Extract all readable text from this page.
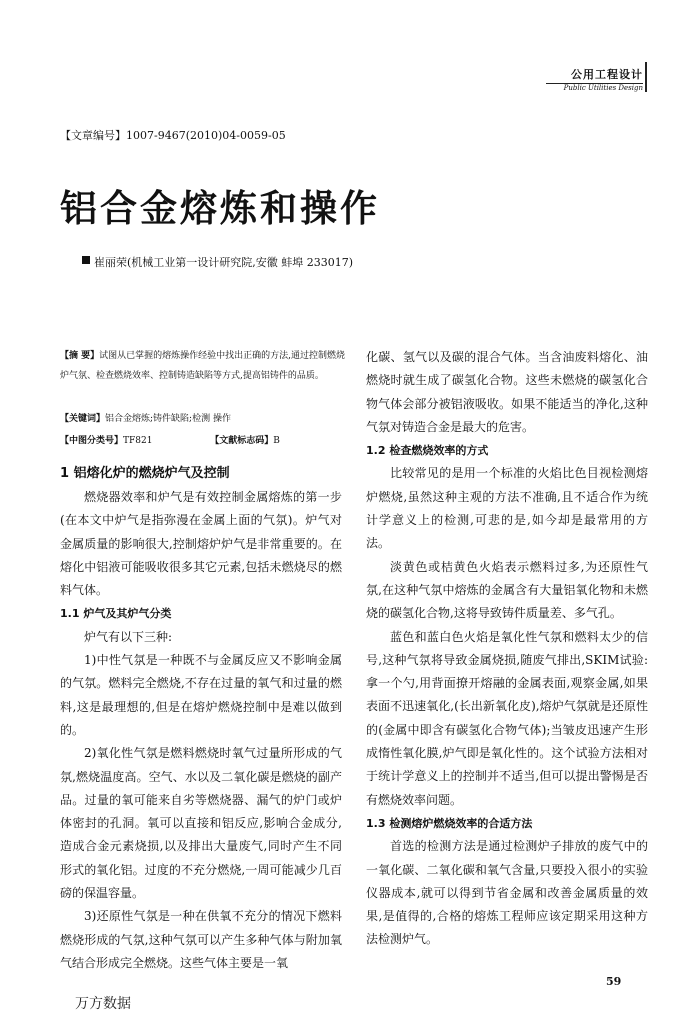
公用工程设计
Public Utilities Design
【文章编号】1007-9467(2010)04-0059-05
铝合金熔炼和操作
崔丽荣(机械工业第一设计研究院,安徽 蚌埠 233017)
【摘 要】试图从已掌握的熔炼操作经验中找出正确的方法,通过控制燃烧炉气氛、检查燃烧效率、控制铸造缺陷等方式,提高铝铸件的品质。
【关键词】铝合金熔炼;铸件缺陷;检测 操作
【中图分类号】TF821	【文献标志码】B
1 铝熔化炉的燃烧炉气及控制

燃烧器效率和炉气是有效控制金属熔炼的第一步(在本文中炉气是指弥漫在金属上面的气氛)。炉气对金属质量的影响很大,控制熔炉炉气是非常重要的。在熔化中铝液可能吸收很多其它元素,包括未燃烧尽的燃料气体。

1.1 炉气及其炉气分类

炉气有以下三种:

1)中性气氛是一种既不与金属反应又不影响金属的气氛。燃料完全燃烧,不存在过量的氧气和过量的燃料,这是最理想的,但是在熔炉燃烧控制中是难以做到的。

2)氧化性气氛是燃料燃烧时氧气过量所形成的气氛,燃烧温度高。空气、水以及二氧化碳是燃烧的副产品。过量的氧可能来自劣等燃烧器、漏气的炉门或炉体密封的孔洞。氧可以直接和铝反应,影响合金成分,造成合金元素烧损,以及排出大量废气,同时产生不同形式的氧化铝。过度的不充分燃烧,一周可能减少几百磅的保温容量。

3)还原性气氛是一种在供氧不充分的情况下燃料燃烧形成的气氛,这种气氛可以产生多种气体与附加氧气结合形成完全燃烧。这些气体主要是一氧

化碳、氢气以及碳的混合气体。当含油废料熔化、油燃烧时就生成了碳氢化合物。这些未燃烧的碳氢化合物气体会部分被铝液吸收。如果不能适当的净化,这种气氛对铸造合金是最大的危害。

1.2 检查燃烧效率的方式

比较常见的是用一个标准的火焰比色目视检测熔炉燃烧,虽然这种主观的方法不准确,且不适合作为统计学意义上的检测,可悲的是,如今却是最常用的方法。

淡黄色或桔黄色火焰表示燃料过多,为还原性气氛,在这种气氛中熔炼的金属含有大量铝氧化物和未燃烧的碳氢化合物,这将导致铸件质量差、多气孔。

蓝色和蓝白色火焰是氧化性气氛和燃料太少的信号,这种气氛将导致金属烧损,随废气排出,SKIM试验:拿一个勺,用背面撩开熔融的金属表面,观察金属,如果表面不迅速氧化,(长出新氧化皮),熔炉气氛就是还原性的(金属中即含有碳氢化合物气体);当皱皮迅速产生形成惰性氧化膜,炉气即是氧化性的。这个试验方法相对于统计学意义上的控制并不适当,但可以提出警惕是否有燃烧效率问题。

1.3 检测熔炉燃烧效率的合适方法

首选的检测方法是通过检测炉子排放的废气中的一氧化碳、二氧化碳和氧气含量,只要投入很小的实验仪器成本,就可以得到节省金属和改善金属质量的效果,是值得的,合格的熔炼工程师应该定期采用这种方法检测炉气。

59
万方数据
